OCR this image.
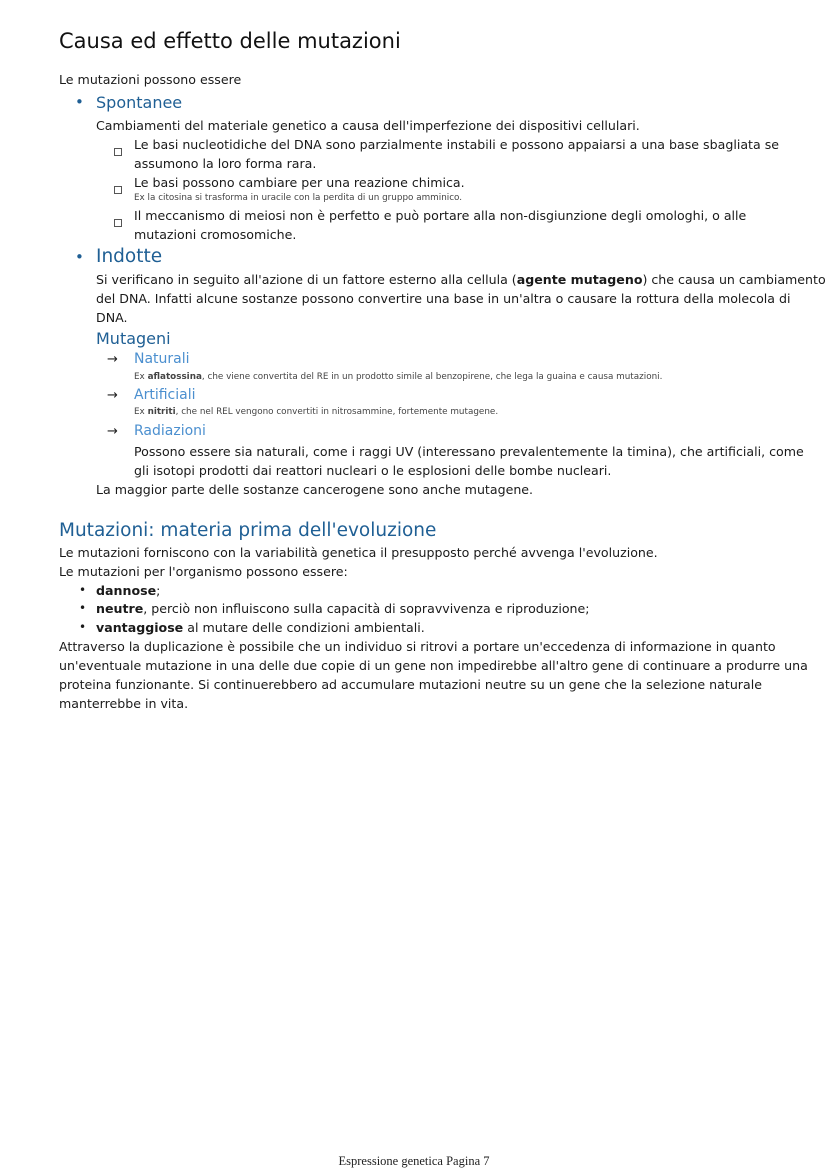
Causa ed effetto delle mutazioni
Le mutazioni possono essere
• Spontanee
Cambiamenti del materiale genetico a causa dell'imperfezione dei dispositivi cellulari.
Le basi nucleotidiche del DNA sono parzialmente instabili e possono appaiarsi a una base sbagliata se
assumono la loro forma rara.
Le basi possono cambiare per una reazione chimica.
Ex la citosina si trasforma in uracile con la perdita di un gruppo amminico.
Il meccanismo di meiosi non è perfetto e può portare alla non-disgiunzione degli omologhi, o alle
mutazioni cromosomiche.
• Indotte
Si verificano in seguito all'azione di un fattore esterno alla cellula (agente mutageno) che causa un cambiamento
del DNA. Infatti alcune sostanze possono convertire una base in un'altra o causare la rottura della molecola di
DNA.
Mutageni
→ Naturali
Ex aflatossina, che viene convertita del RE in un prodotto simile al benzopirene, che lega la guaina e causa mutazioni.
→ Artificiali
Ex nitriti, che nel REL vengono convertiti in nitrosammine, fortemente mutagene.
→ Radiazioni
Possono essere sia naturali, come i raggi UV (interessano prevalentemente la timina), che artificiali, come
gli isotopi prodotti dai reattori nucleari o le esplosioni delle bombe nucleari.
La maggior parte delle sostanze cancerogene sono anche mutagene.
Mutazioni: materia prima dell'evoluzione
Le mutazioni forniscono con la variabilità genetica il presupposto perché avvenga l'evoluzione.
Le mutazioni per l'organismo possono essere:
• dannose;
• neutre, perciò non influiscono sulla capacità di sopravvivenza e riproduzione;
• vantaggiose al mutare delle condizioni ambientali.
Attraverso la duplicazione è possibile che un individuo si ritrovi a portare un'eccedenza di informazione in quanto
un'eventuale mutazione in una delle due copie di un gene non impedirebbe all'altro gene di continuare a produrre una
proteina funzionante. Si continuerebbero ad accumulare mutazioni neutre su un gene che la selezione naturale
manterrebbe in vita.
Espressione genetica Pagina 7
